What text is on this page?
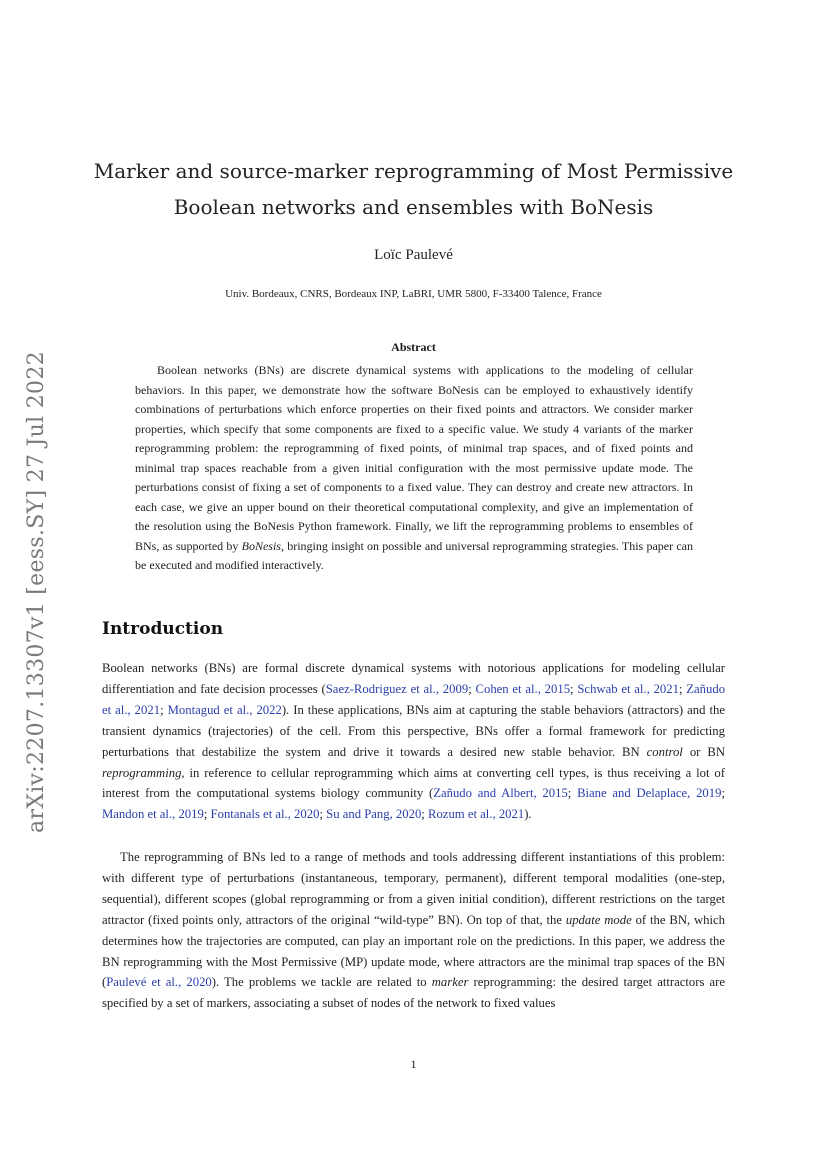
arXiv:2207.13307v1 [eess.SY] 27 Jul 2022
Marker and source-marker reprogramming of Most Permissive
Boolean networks and ensembles with BoNesis
Loïc Paulevé
Univ. Bordeaux, CNRS, Bordeaux INP, LaBRI, UMR 5800, F-33400 Talence, France
Abstract

Boolean networks (BNs) are discrete dynamical systems with applications to the modeling of cellular behaviors. In this paper, we demonstrate how the software BoNesis can be employed to exhaustively identify combinations of perturbations which enforce properties on their fixed points and attractors. We consider marker properties, which specify that some components are fixed to a specific value. We study 4 variants of the marker reprogramming problem: the reprogramming of fixed points, of minimal trap spaces, and of fixed points and minimal trap spaces reachable from a given initial configuration with the most permissive update mode. The perturbations consist of fixing a set of components to a fixed value. They can destroy and create new attractors. In each case, we give an upper bound on their theoretical computational complexity, and give an implementation of the resolution using the BoNesis Python framework. Finally, we lift the reprogramming problems to ensembles of BNs, as supported by BoNesis, bringing insight on possible and universal reprogramming strategies. This paper can be executed and modified interactively.

Introduction

Boolean networks (BNs) are formal discrete dynamical systems with notorious applications for modeling cellular differentiation and fate decision processes (Saez-Rodriguez et al., 2009; Cohen et al., 2015; Schwab et al., 2021; Zañudo et al., 2021; Montagud et al., 2022). In these applications, BNs aim at capturing the stable behaviors (attractors) and the transient dynamics (trajectories) of the cell. From this perspective, BNs offer a formal framework for predicting perturbations that destabilize the system and drive it towards a desired new stable behavior. BN control or BN reprogramming, in reference to cellular reprogramming which aims at converting cell types, is thus receiving a lot of interest from the computational systems biology community (Zañudo and Albert, 2015; Biane and Delaplace, 2019; Mandon et al., 2019; Fontanals et al., 2020; Su and Pang, 2020; Rozum et al., 2021).

The reprogramming of BNs led to a range of methods and tools addressing different instantiations of this problem: with different type of perturbations (instantaneous, temporary, permanent), different temporal modalities (one-step, sequential), different scopes (global reprogramming or from a given initial condition), different restrictions on the target attractor (fixed points only, attractors of the original “wild-type” BN). On top of that, the update mode of the BN, which determines how the trajectories are computed, can play an important role on the predictions. In this paper, we address the BN reprogramming with the Most Permissive (MP) update mode, where attractors are the minimal trap spaces of the BN (Paulevé et al., 2020). The problems we tackle are related to marker reprogramming: the desired target attractors are specified by a set of markers, associating a subset of nodes of the network to fixed values

1
